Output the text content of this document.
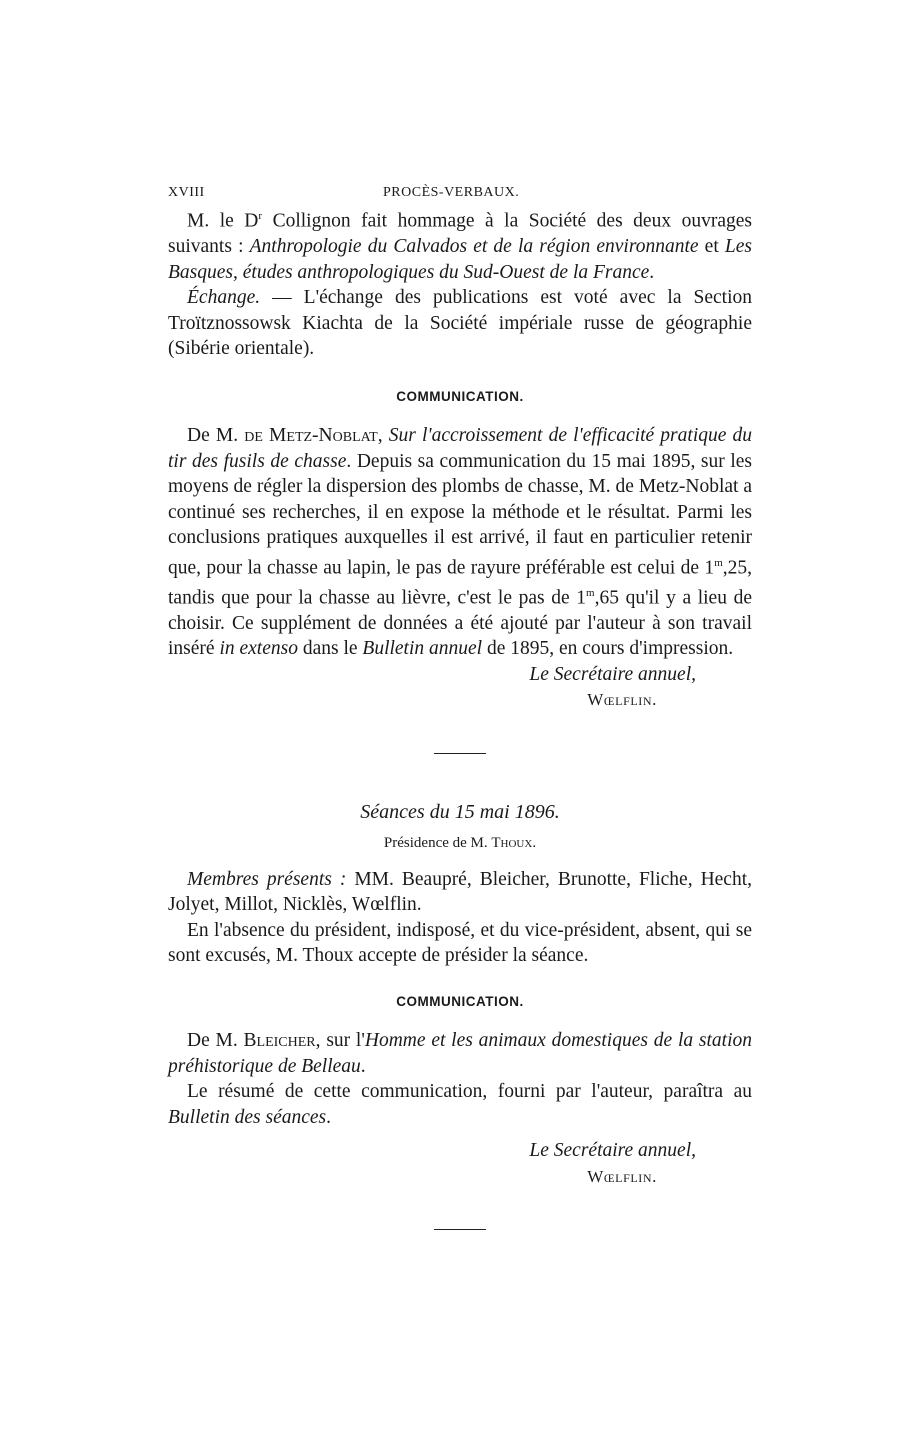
XVIII	PROCÈS-VERBAUX.

M. le $D^r$ Collignon fait hommage à la Société des deux ouvrages suivants : Anthropologie du Calvados et de la région environnante et Les Basques, études anthropologiques du Sud-Ouest de la France.

Échange. — L'échange des publications est voté avec la Section Troïtznossowsk Kiachta de la Société impériale russe de géographie (Sibérie orientale).

COMMUNICATION.

De M. de Metz-Noblat, Sur l'accroissement de l'efficacité pratique du tir des fusils de chasse. Depuis sa communication du 15 mai 1895, sur les moyens de régler la dispersion des plombs de chasse, M. de Metz-Noblat a continué ses recherches, il en expose la méthode et le résultat. Parmi les conclusions pratiques auxquelles il est arrivé, il faut en particulier retenir que, pour la chasse au lapin, le pas de rayure préférable est celui de 1$^m$,25, tandis que pour la chasse au lièvre, c'est le pas de 1$^m$,65 qu'il y a lieu de choisir. Ce supplément de données a été ajouté par l'auteur à son travail inséré in extenso dans le Bulletin annuel de 1895, en cours d'impression.

Le Secrétaire annuel,
Wœlflin.
Séances du 15 mai 1896.
Présidence de M. Thoux.

Membres présents : MM. Beaupré, Bleicher, Brunotte, Fliche, Hecht, Jolyet, Millot, Nicklès, Wœlflin.

En l'absence du président, indisposé, et du vice-président, absent, qui se sont excusés, M. Thoux accepte de présider la séance.

COMMUNICATION.

De M. Bleicher, sur l'Homme et les animaux domestiques de la station préhistorique de Belleau.

Le résumé de cette communication, fourni par l'auteur, paraîtra au Bulletin des séances.

Le Secrétaire annuel,
Wœlflin.
